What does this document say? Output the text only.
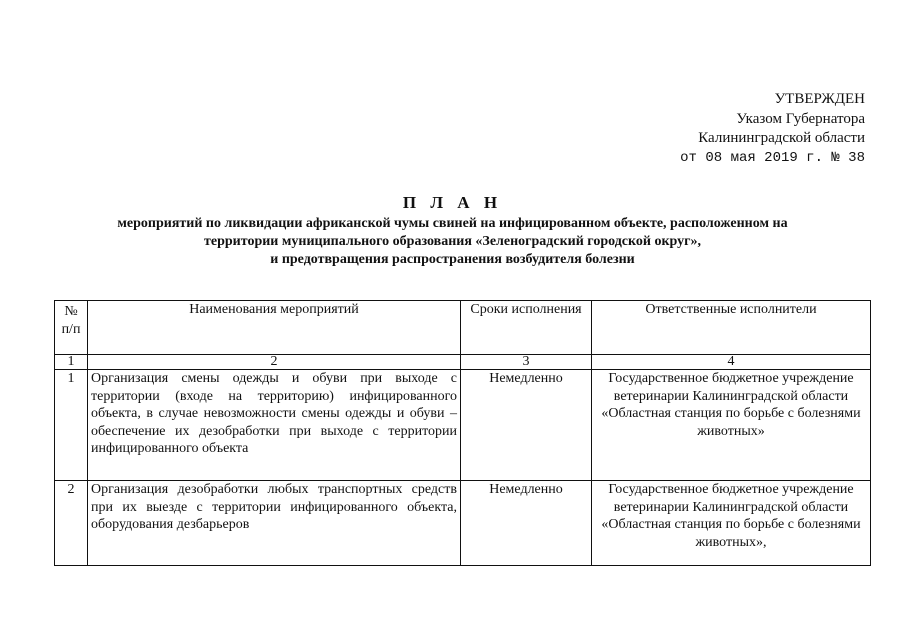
УТВЕРЖДЕН
Указом Губернатора
Калининградской области
от 08 мая 2019 г. № 38
П Л А Н
мероприятий по ликвидации африканской чумы свиней на инфицированном объекте, расположенном на
территории муниципального образования «Зеленоградский городской округ»,
и предотвращения распространения возбудителя болезни
№ п/п	Наименования мероприятий	Сроки исполнения	Ответственные исполнители
1	2	3	4
1	Организация смены одежды и обуви при выходе с территории (входе на территорию) инфицированного объекта, в случае невозможности смены одежды и обуви – обеспечение их дезобработки при выходе с территории инфицированного объекта	Немедленно	Государственное бюджетное учреждение ветеринарии Калининградской области «Областная станция по борьбе с болезнями животных»
2	Организация дезобработки любых транспортных средств при их выезде с территории инфицированного объекта, оборудования дезбарьеров	Немедленно	Государственное бюджетное учреждение ветеринарии Калининградской области «Областная станция по борьбе с болезнями животных»,
